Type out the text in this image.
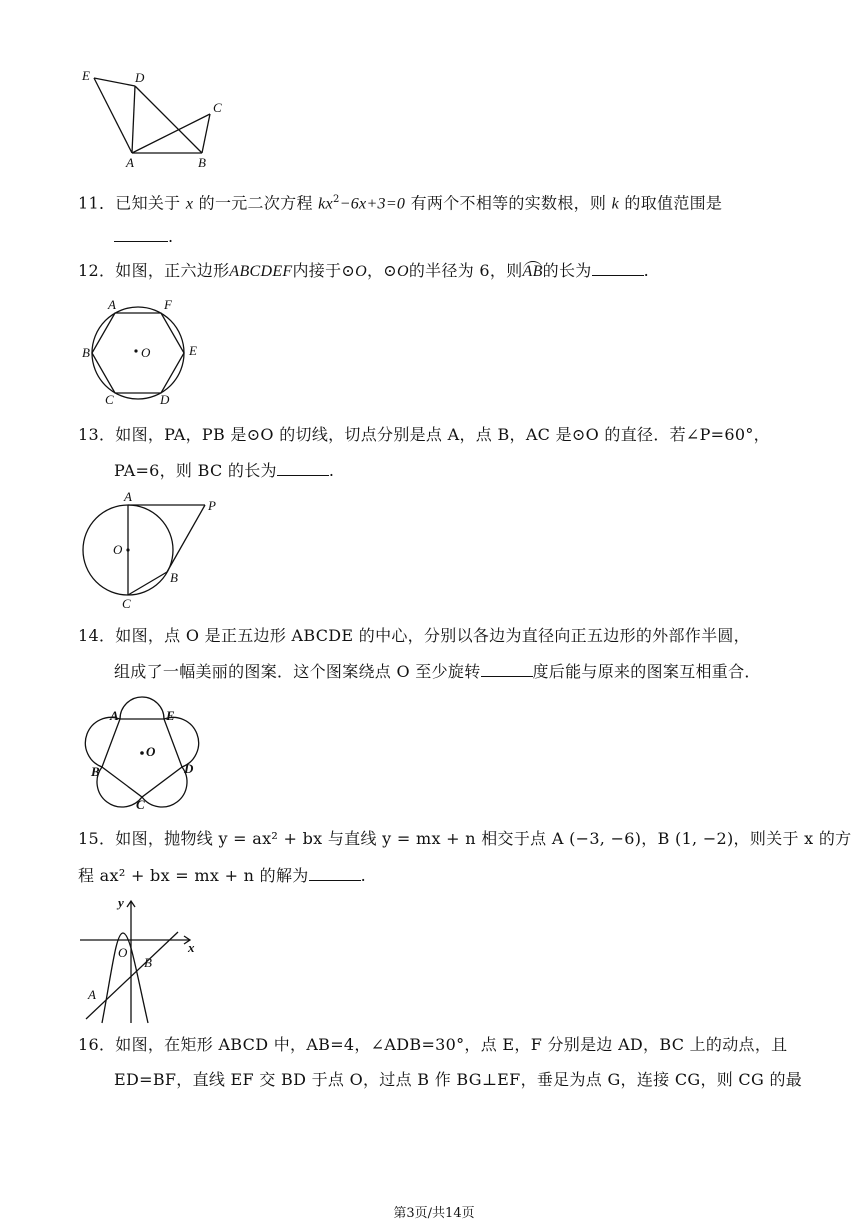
E	D
C
A	B
11．已知关于 x 的一元二次方程 $kx^2-6x+3=0$ 有两个不相等的实数根，则 k 的取值范围是
.
12．如图，正六边形ABCDEF内接于⊙O，⊙O的半径为 6，则AB的长为	.
A	F
B	O	E
C	D
13．如图，PA，PB 是⊙O 的切线，切点分别是点 A，点 B，AC 是⊙O 的直径．若∠P=60°，
PA=6，则 BC 的长为	.
A
P
O
B
C
14．如图，点 O 是正五边形 ABCDE 的中心，分别以各边为直径向正五边形的外部作半圆，
组成了一幅美丽的图案．这个图案绕点 O 至少旋转	度后能与原来的图案互相重合．
A	E
O
B	D
C
15．如图，抛物线 y = ax² + bx 与直线 y = mx + n 相交于点 A (−3, −6)，B (1, −2)，则关于 x 的方
程 ax² + bx = mx + n 的解为	.
y
x
O
B
A
16．如图，在矩形 ABCD 中，AB=4，∠ADB=30°，点 E，F 分别是边 AD，BC 上的动点，且
ED=BF，直线 EF 交 BD 于点 O，过点 B 作 BG⊥EF，垂足为点 G，连接 CG，则 CG 的最
第3页/共14页
